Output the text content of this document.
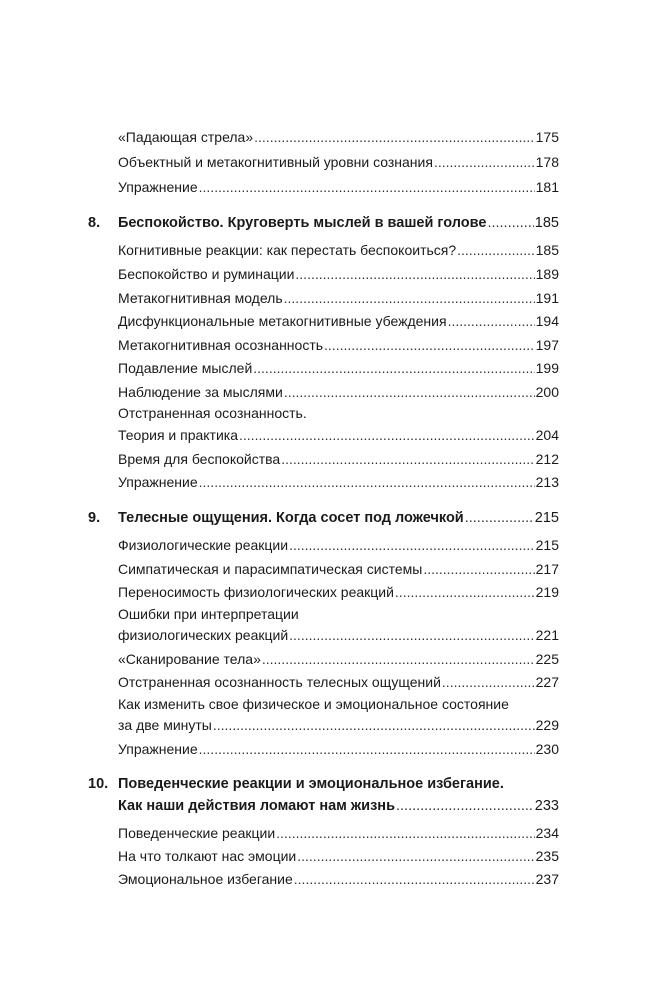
«Падающая стрела» .....	175
Объектный и метакогнитивный уровни сознания .....	178
Упражнение .....	181
8. Беспокойство. Круговерть мыслей в вашей голове .....	185
Когнитивные реакции: как перестать беспокоиться? .....	185
Беспокойство и руминации .....	189
Метакогнитивная модель .....	191
Дисфункциональные метакогнитивные убеждения .....	194
Метакогнитивная осознанность .....	197
Подавление мыслей .....	199
Наблюдение за мыслями .....	200
Отстраненная осознанность.
Теория и практика .....	204
Время для беспокойства .....	212
Упражнение .....	213
9. Телесные ощущения. Когда сосет под ложечкой .....	215
Физиологические реакции .....	215
Симпатическая и парасимпатическая системы .....	217
Переносимость физиологических реакций .....	219
Ошибки при интерпретации
физиологических реакций .....	221
«Сканирование тела» .....	225
Отстраненная осознанность телесных ощущений .....	227
Как изменить свое физическое и эмоциональное состояние
за две минуты .....	229
Упражнение .....	230
10. Поведенческие реакции и эмоциональное избегание.
Как наши действия ломают нам жизнь .....	233
Поведенческие реакции .....	234
На что толкают нас эмоции .....	235
Эмоциональное избегание .....	237
